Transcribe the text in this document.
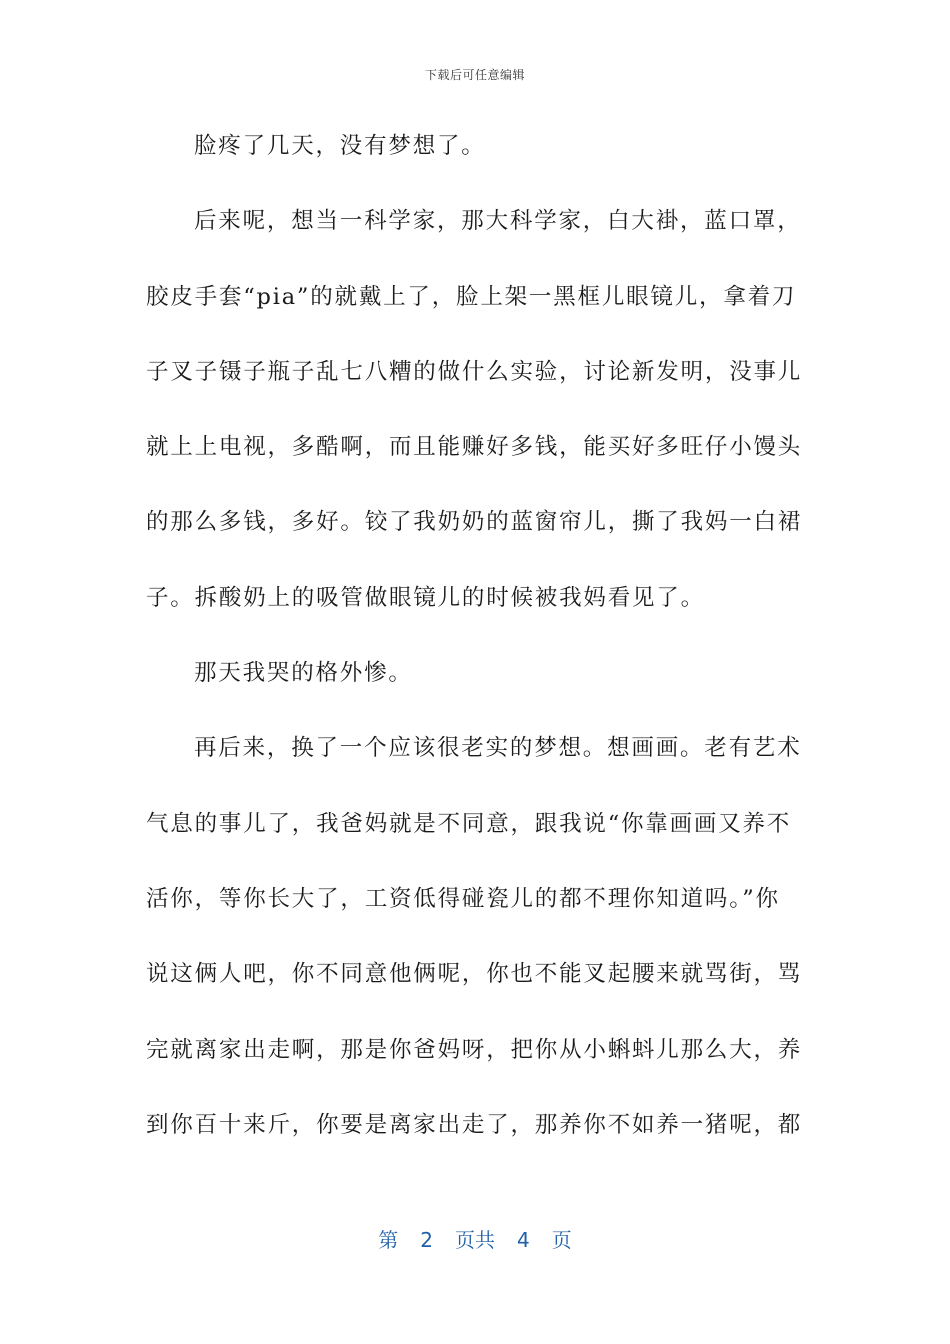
下载后可任意编辑
脸疼了几天，没有梦想了。
后来呢，想当一科学家，那大科学家，白大褂，蓝口罩，
胶皮手套“pia”的就戴上了，脸上架一黑框儿眼镜儿，拿着刀
子叉子镊子瓶子乱七八糟的做什么实验，讨论新发明，没事儿
就上上电视，多酷啊，而且能赚好多钱，能买好多旺仔小馒头
的那么多钱，多好。铰了我奶奶的蓝窗帘儿，撕了我妈一白裙
子。拆酸奶上的吸管做眼镜儿的时候被我妈看见了。
那天我哭的格外惨。
再后来，换了一个应该很老实的梦想。想画画。老有艺术
气息的事儿了，我爸妈就是不同意，跟我说“你靠画画又养不
活你，等你长大了，工资低得碰瓷儿的都不理你知道吗。”你
说这俩人吧，你不同意他俩呢，你也不能叉起腰来就骂街，骂
完就离家出走啊，那是你爸妈呀，把你从小蝌蚪儿那么大，养
到你百十来斤，你要是离家出走了，那养你不如养一猪呢，都
第 2 页共 4 页
